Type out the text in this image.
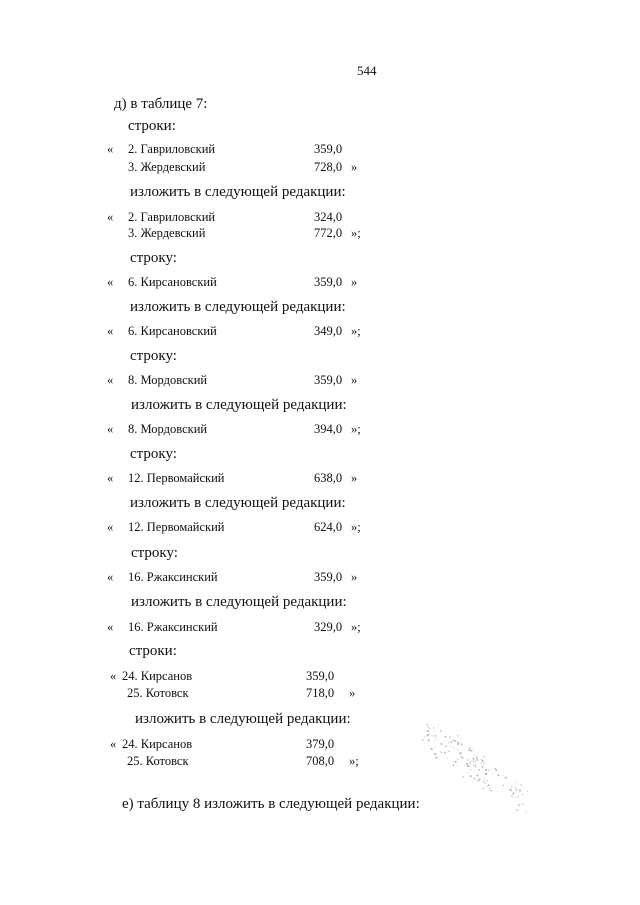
544
д) в таблице 7:
строки:
« 2. Гавриловский	359,0
3. Жердевский	728,0 »
изложить в следующей редакции:
« 2. Гавриловский	324,0
3. Жердевский	772,0 »;
строку:
« 6. Кирсановский	359,0 »
изложить в следующей редакции:
« 6. Кирсановский	349,0 »;
строку:
« 8. Мордовский	359,0 »
изложить в следующей редакции:
« 8. Мордовский	394,0 »;
строку:
« 12. Первомайский	638,0 »
изложить в следующей редакции:
« 12. Первомайский	624,0 »;
строку:
« 16. Ржаксинский	359,0 »
изложить в следующей редакции:
« 16. Ржаксинский	329,0 »;
строки:
« 24. Кирсанов	359,0
25. Котовск	718,0 »
изложить в следующей редакции:
« 24. Кирсанов	379,0
25. Котовск	708,0 »;
е) таблицу 8 изложить в следующей редакции:
